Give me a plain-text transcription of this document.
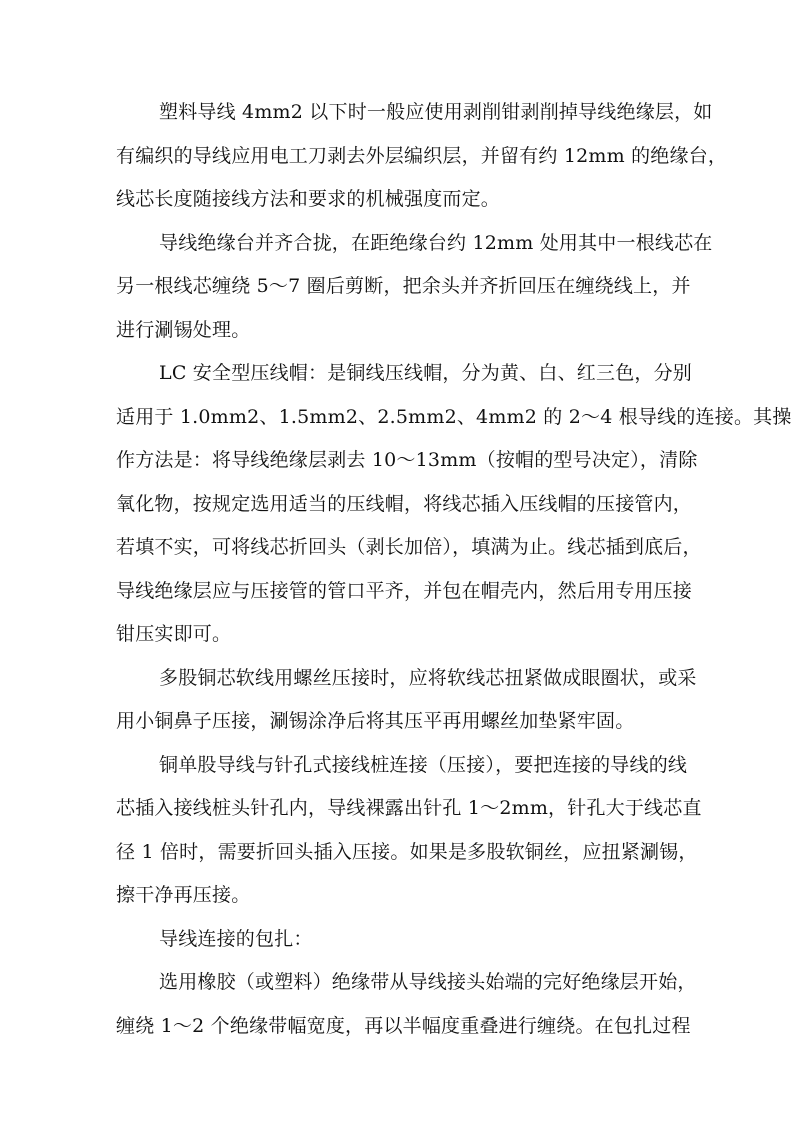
塑料导线 4mm2 以下时一般应使用剥削钳剥削掉导线绝缘层，如
有编织的导线应用电工刀剥去外层编织层，并留有约 12mm 的绝缘台，
线芯长度随接线方法和要求的机械强度而定。
导线绝缘台并齐合拢，在距绝缘台约 12mm 处用其中一根线芯在
另一根线芯缠绕 5～7 圈后剪断，把余头并齐折回压在缠绕线上，并
进行涮锡处理。
LC 安全型压线帽：是铜线压线帽，分为黄、白、红三色，分别
适用于 1.0mm2、1.5mm2、2.5mm2、4mm2 的 2～4 根导线的连接。其操
作方法是：将导线绝缘层剥去 10～13mm（按帽的型号决定），清除
氧化物，按规定选用适当的压线帽，将线芯插入压线帽的压接管内，
若填不实，可将线芯折回头（剥长加倍），填满为止。线芯插到底后，
导线绝缘层应与压接管的管口平齐，并包在帽壳内，然后用专用压接
钳压实即可。
多股铜芯软线用螺丝压接时，应将软线芯扭紧做成眼圈状，或采
用小铜鼻子压接，涮锡涂净后将其压平再用螺丝加垫紧牢固。
铜单股导线与针孔式接线桩连接（压接），要把连接的导线的线
芯插入接线桩头针孔内，导线裸露出针孔 1～2mm，针孔大于线芯直
径 1 倍时，需要折回头插入压接。如果是多股软铜丝，应扭紧涮锡，
擦干净再压接。
导线连接的包扎：
选用橡胶（或塑料）绝缘带从导线接头始端的完好绝缘层开始，
缠绕 1～2 个绝缘带幅宽度，再以半幅度重叠进行缠绕。在包扎过程
